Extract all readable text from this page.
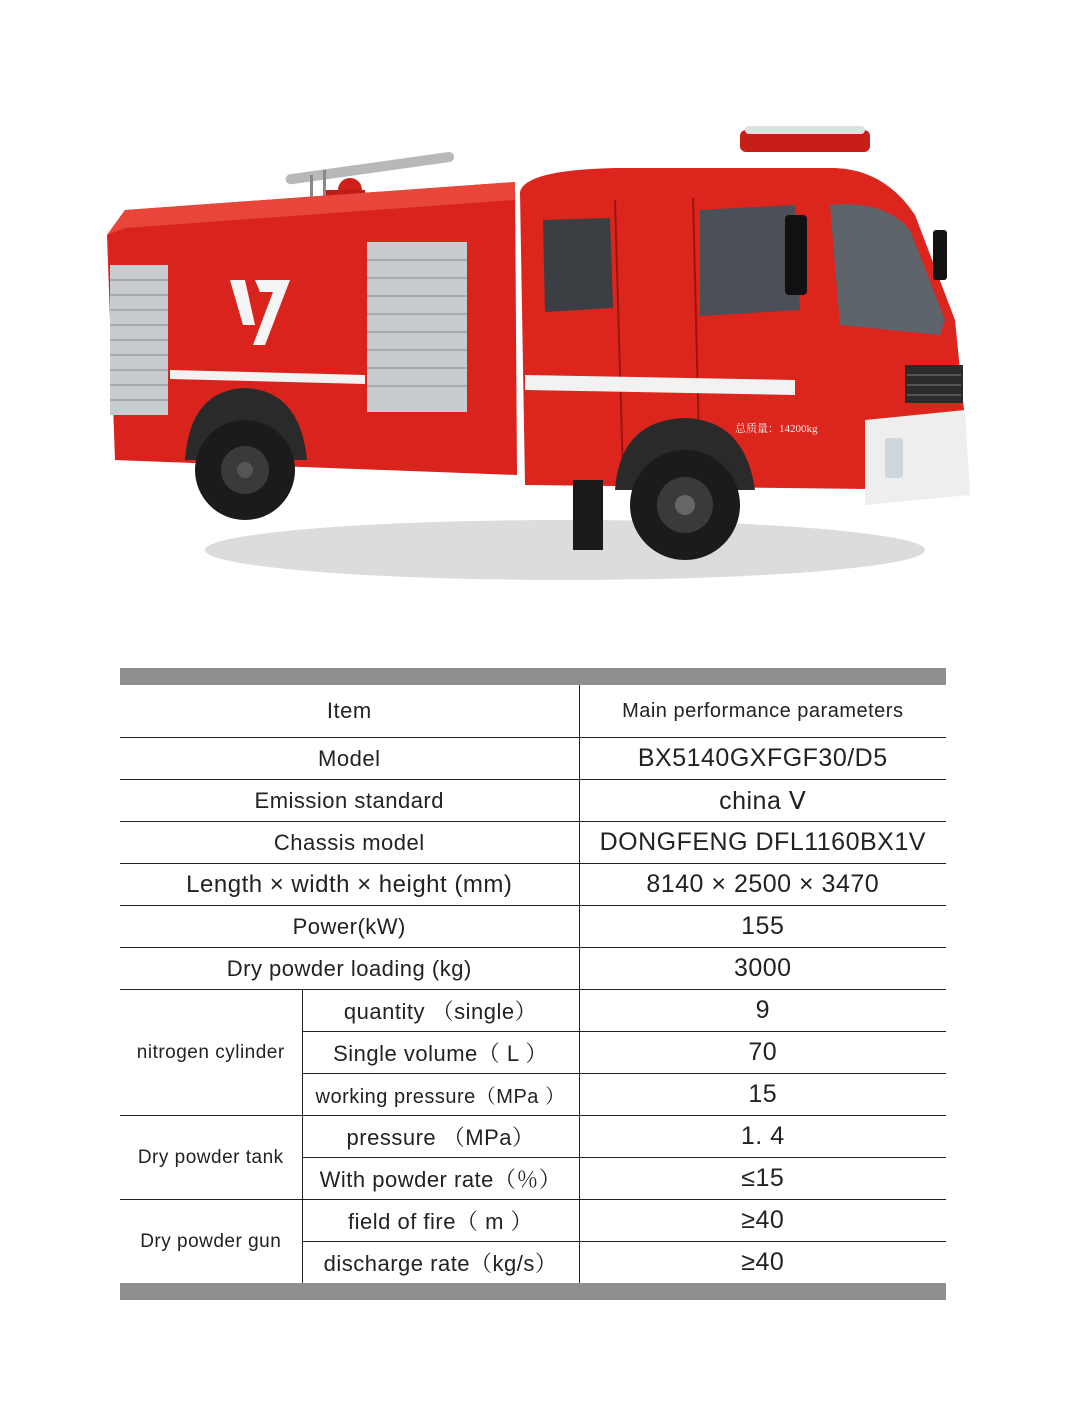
总质量：14200kg
Item		Main performance parameters
Model		BX5140GXFGF30/D5
Emission standard		china Ⅴ
Chassis model		DONGFENG DFL1160BX1V
Length × width × height (mm)		8140 × 2500 × 3470
Power(kW)		155
Dry powder loading (kg)		3000
nitrogen cylinder	quantity （single）	9
	Single volume（ L ）	70
	working pressure（MPa ）	15
Dry powder tank	pressure （MPa）	1. 4
	With powder rate（％）	≤15
Dry powder gun	field of fire（ m ）	≥40
	discharge rate（kg/s）	≥40
